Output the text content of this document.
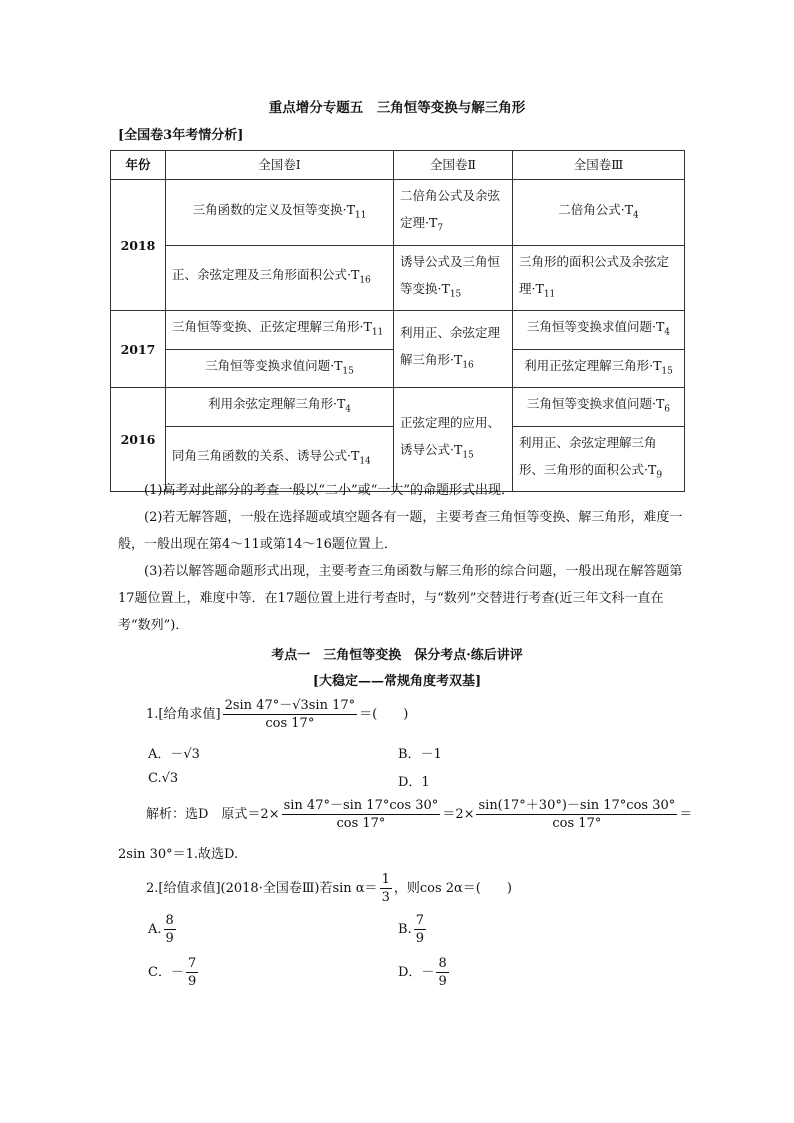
重点增分专题五　三角恒等变换与解三角形
[全国卷3年考情分析]
年份	全国卷Ⅰ	全国卷Ⅱ	全国卷Ⅲ
2018	三角函数的定义及恒等变换$\cdot T_{11}$	二倍角公式及余弦定理$\cdot T_7$	二倍角公式$\cdot T_4$
	正、余弦定理及三角形面积公式$\cdot T_{16}$	诱导公式及三角恒等变换$\cdot T_{15}$	三角形的面积公式及余弦定理$\cdot T_{11}$
2017	三角恒等变换、正弦定理解三角形$\cdot T_{11}$	利用正、余弦定理解三角形$\cdot T_{16}$	三角恒等变换求值问题$\cdot T_4$
	三角恒等变换求值问题$\cdot T_{15}$		利用正弦定理解三角形$\cdot T_{15}$
2016	利用余弦定理解三角形$\cdot T_4$	正弦定理的应用、诱导公式$\cdot T_{15}$	三角恒等变换求值问题$\cdot T_6$
	同角三角函数的关系、诱导公式$\cdot T_{14}$		利用正、余弦定理解三角形、三角形的面积公式$\cdot T_9$

(1)高考对此部分的考查一般以“二小”或“一大”的命题形式出现．

(2)若无解答题，一般在选择题或填空题各有一题，主要考查三角恒等变换、解三角形，难度一般，一般出现在第4～11或第14～16题位置上．

(3)若以解答题命题形式出现，主要考查三角函数与解三角形的综合问题，一般出现在解答题第17题位置上，难度中等．在17题位置上进行考查时，与“数列”交替进行考查(近三年文科一直在考“数列”)．

考点一　三角恒等变换　保分考点·练后讲评
[大稳定——常规角度考双基]
1.[给角求值] $\frac{2\sin 47^\circ-√3\sin 17^\circ}{\cos 17^\circ}$ ＝(　　)
A．－√3	B．－1
C.√3	D．1
解析：选D　原式$=2\times \frac{\sin 47^\circ-\sin 17^\circ\cos 30^\circ}{\cos 17^\circ} =2\times \frac{\sin(17^\circ+30^\circ)-\sin 17^\circ\cos 30^\circ}{\cos 17^\circ}$ ＝
2sin 30°＝1.故选D.
2.[给值求值](2018·全国卷Ⅲ)若$\sin \alpha= \frac{1}{3}$ ，则cos 2α＝(　　)
A. $\frac{8}{9}$	B. $\frac{7}{9}$
C．－ $\frac{7}{9}$	D．－ $\frac{8}{9}$
